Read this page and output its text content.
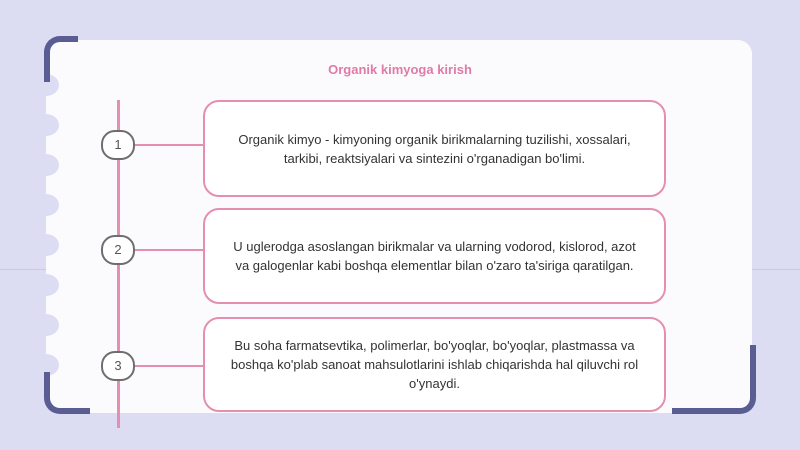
Organik kimyoga kirish
1
2
3
Organik kimyo - kimyoning organik birikmalarning tuzilishi, xossalari, tarkibi, reaktsiyalari va sintezini o'rganadigan bo'limi.
U uglerodga asoslangan birikmalar va ularning vodorod, kislorod, azot va galogenlar kabi boshqa elementlar bilan o'zaro ta'siriga qaratilgan.
Bu soha farmatsevtika, polimerlar, bo'yoqlar, bo'yoqlar, plastmassa va boshqa ko'plab sanoat mahsulotlarini ishlab chiqarishda hal qiluvchi rol o'ynaydi.
